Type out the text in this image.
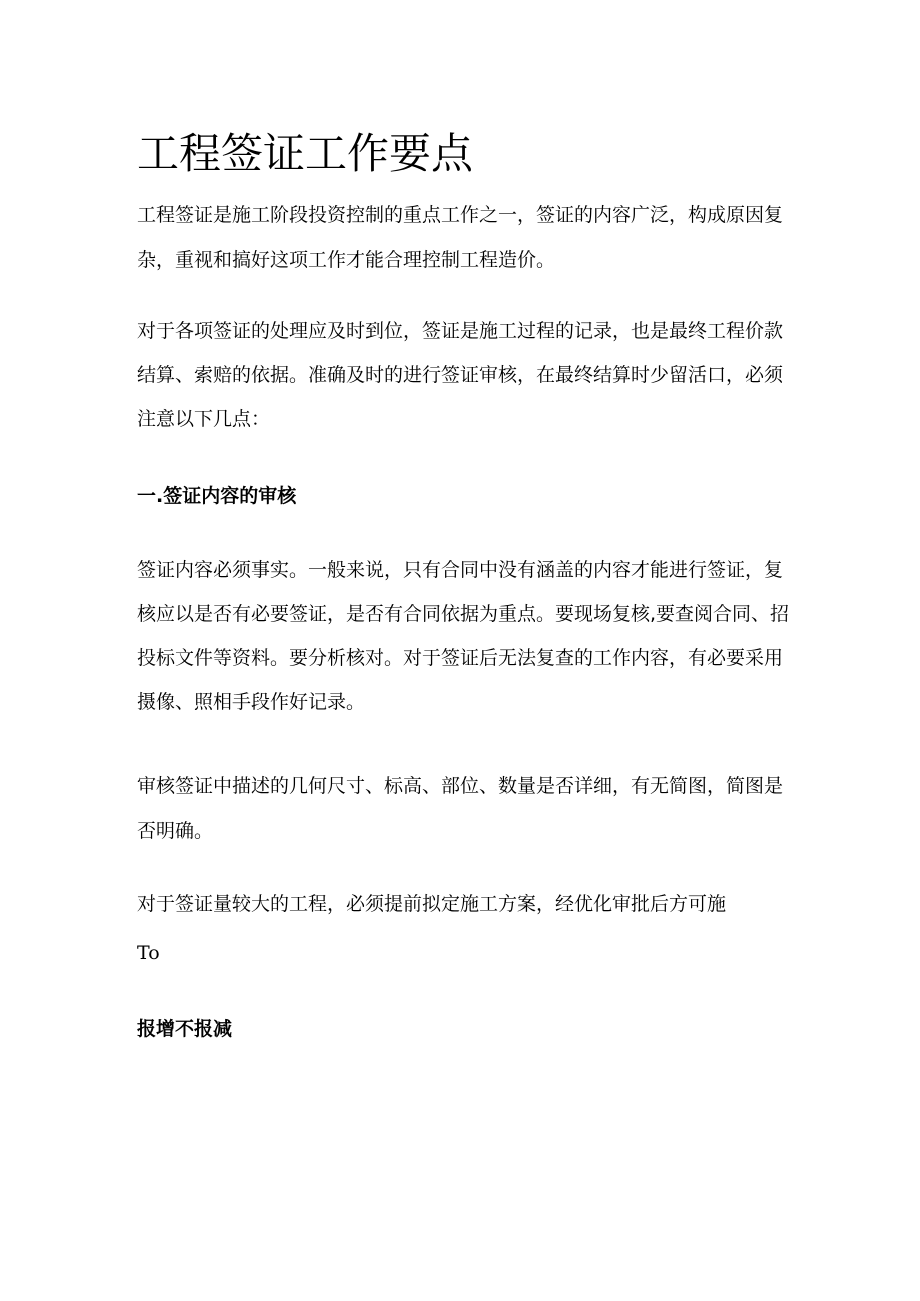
工程签证工作要点

工程签证是施工阶段投资控制的重点工作之一，签证的内容广泛，构成原因复杂，重视和搞好这项工作才能合理控制工程造价。

对于各项签证的处理应及时到位，签证是施工过程的记录，也是最终工程价款结算、索赔的依据。准确及时的进行签证审核，在最终结算时少留活口，必须注意以下几点：

一.签证内容的审核

签证内容必须事实。一般来说，只有合同中没有涵盖的内容才能进行签证，复核应以是否有必要签证，是否有合同依据为重点。要现场复核,要查阅合同、招投标文件等资料。要分析核对。对于签证后无法复查的工作内容，有必要采用摄像、照相手段作好记录。

审核签证中描述的几何尺寸、标高、部位、数量是否详细，有无简图，简图是否明确。

对于签证量较大的工程，必须提前拟定施工方案，经优化审批后方可施

To

报增不报减
